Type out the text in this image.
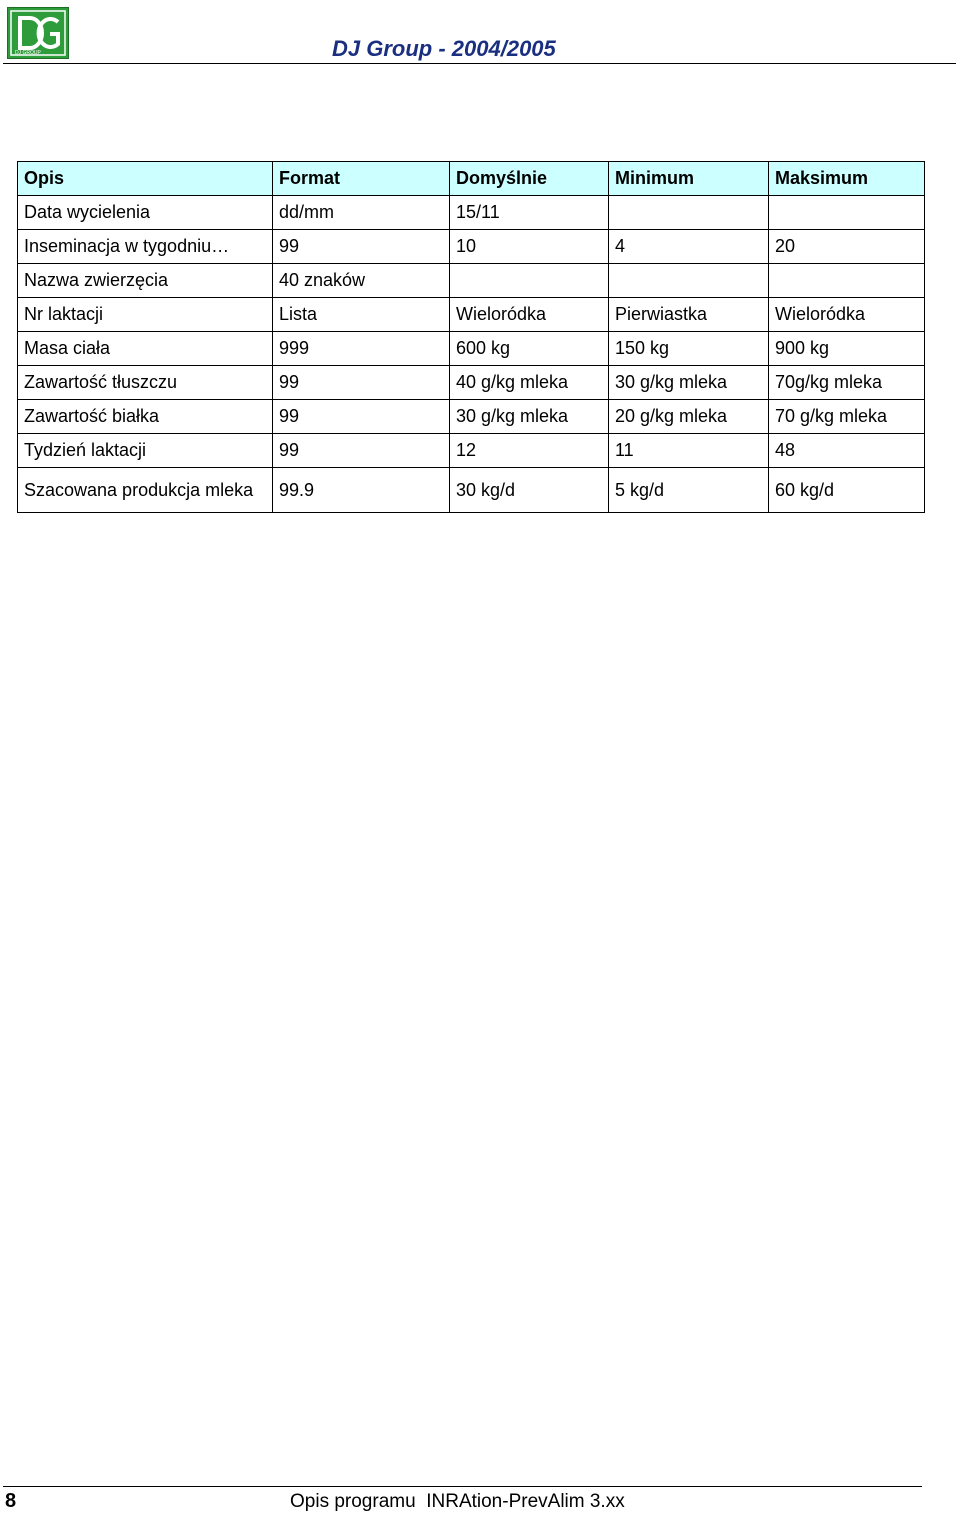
DJ GROUP	DJ Group - 2004/2005
Opis	Format	Domyślnie	Minimum	Maksimum
Data wycielenia	dd/mm	15/11		
Inseminacja w tygodniu…	99	10	4	20
Nazwa zwierzęcia	40 znaków			
Nr laktacji	Lista	Wieloródka	Pierwiastka	Wieloródka
Masa ciała	999	600 kg	150 kg	900 kg
Zawartość tłuszczu	99	40 g/kg mleka	30 g/kg mleka	70g/kg mleka
Zawartość białka	99	30 g/kg mleka	20 g/kg mleka	70 g/kg mleka
Tydzień laktacji	99	12	11	48
Szacowana produkcja mleka	99.9	30 kg/d	5 kg/d	60 kg/d
8	Opis programu  INRAtion-PrevAlim 3.xx
